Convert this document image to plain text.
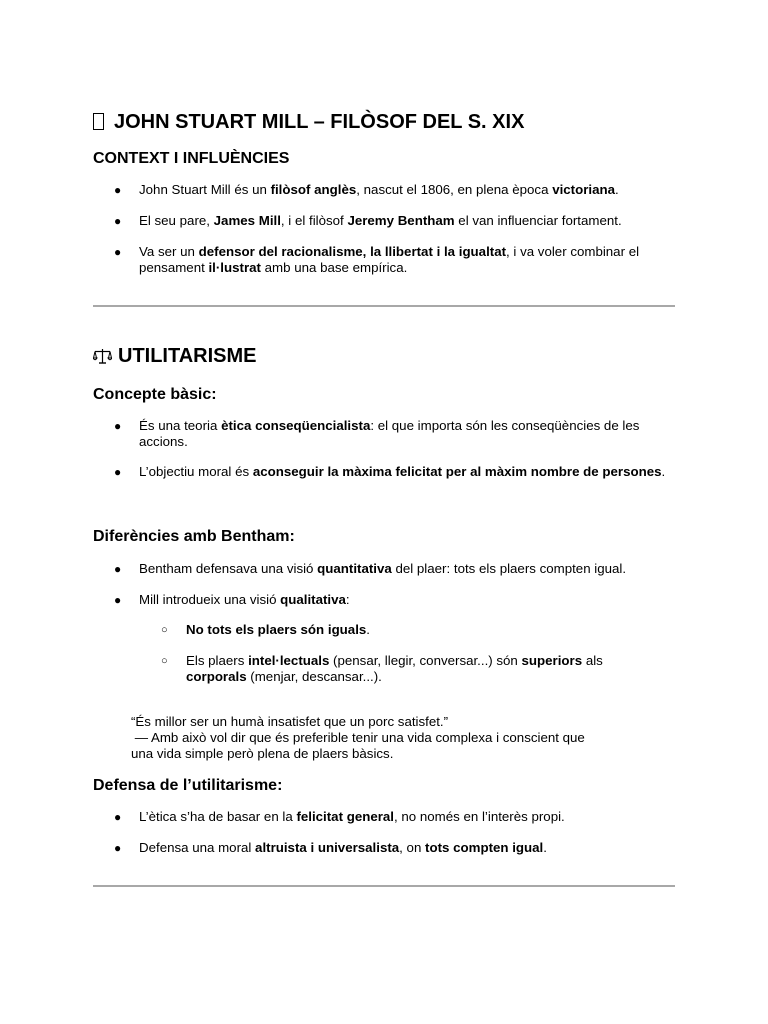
JOHN STUART MILL – FILÒSOF DEL S. XIX
CONTEXT I INFLUÈNCIES
● John Stuart Mill és un filòsof anglès, nascut el 1806, en plena època victoriana.

● El seu pare, James Mill, i el filòsof Jeremy Bentham el van influenciar fortament.

● Va ser un defensor del racionalisme, la llibertat i la igualtat, i va voler combinar el pensament il·lustrat amb una base empírica.

UTILITARISME
Concepte bàsic:
● És una teoria ètica conseqüencialista: el que importa són les conseqüències de les accions.

● L’objectiu moral és aconseguir la màxima felicitat per al màxim nombre de persones.

Diferències amb Bentham:
● Bentham defensava una visió quantitativa del plaer: tots els plaers compten igual.

● Mill introdueix una visió qualitativa:

○ No tots els plaers són iguals.

○ Els plaers intel·lectuals (pensar, llegir, conversar...) són superiors als corporals (menjar, descansar...).

“És millor ser un humà insatisfet que un porc satisfet.”
— Amb això vol dir que és preferible tenir una vida complexa i conscient que
una vida simple però plena de plaers bàsics.
Defensa de l’utilitarisme:
● L’ètica s’ha de basar en la felicitat general, no només en l’interès propi.

● Defensa una moral altruista i universalista, on tots compten igual.
